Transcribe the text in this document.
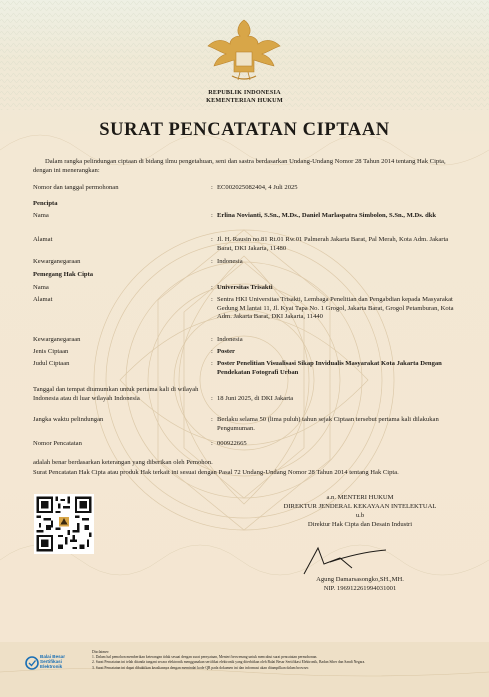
REPUBLIK INDONESIA
KEMENTERIAN HUKUM
SURAT PENCATATAN CIPTAAN
Dalam rangka pelindungan ciptaan di bidang ilmu pengetahuan, seni dan sastra berdasarkan Undang-Undang Nomor 28 Tahun 2014 tentang Hak Cipta, dengan ini menerangkan:
Nomor dan tanggal permohonan	: EC002025082404, 4 Juli 2025
Pencipta
Nama	: Erlina Novianti, S.Sn., M.Ds., Daniel Marlaspatra Simbolon, S.Sn., M.Ds. dkk
Alamat	: Jl. H. Rausin no.81 Rt.01 Rw.01 Palmerah Jakarta Barat, Pal Merah, Kota Adm. Jakarta Barat, DKI Jakarta, 11480
Kewarganegaraan	: Indonesia
Pemegang Hak Cipta
Nama	: Universitas Trisakti
Alamat	: Sentra HKI Universitas Trisakti, Lembaga Penelitian dan Pengabdian kepada Masyarakat Gedung M lantai 11, Jl. Kyai Tapa No. 1 Grogol, Jakarta Barat, Grogol Petamburan, Kota Adm. Jakarta Barat, DKI Jakarta, 11440
Kewarganegaraan	: Indonesia
Jenis Ciptaan	: Poster
Judul Ciptaan	: Poster Penelitian Visualisasi Sikap Invidualis Masyarakat Kota Jakarta Dengan Pendekatan Fotografi Urban
Tanggal dan tempat diumumkan untuk pertama kali di wilayah Indonesia atau di luar wilayah Indonesia	: 18 Juni 2025, di DKI Jakarta
Jangka waktu pelindungan	: Berlaku selama 50 (lima puluh) tahun sejak Ciptaan tersebut pertama kali dilakukan Pengumuman.
Nomor Pencatatan	: 000922665
adalah benar berdasarkan keterangan yang diberikan oleh Pemohon.
Surat Pencatatan Hak Cipta atau produk Hak terkait ini sesuai dengan Pasal 72 Undang-Undang Nomor 28 Tahun 2014 tentang Hak Cipta.
a.n. MENTERI HUKUM
DIREKTUR JENDERAL KEKAYAAN INTELEKTUAL
u.b
Direktur Hak Cipta dan Desain Industri
Agung Damarsasongko,SH.,MH.
NIP. 196912261994031001
Balai Besar
Sertifikasi
Elektronik
Disclaimer:
1. Dalam hal pemohon memberikan keterangan tidak sesuai dengan surat pernyataan, Menteri berwenang untuk mencabut surat pencatatan permohonan.
2. Surat Pencatatan ini telah ditanda tangani secara elektronik menggunakan sertifikat elektronik yang diterbitkan oleh Balai Besar Sertifikasi Elektronik, Badan Siber dan Sandi Negara.
3. Surat Pencatatan ini dapat dibuktikan keasliannya dengan memindai kode QR pada dokumen ini dan informasi akan ditampilkan dalam browser.
